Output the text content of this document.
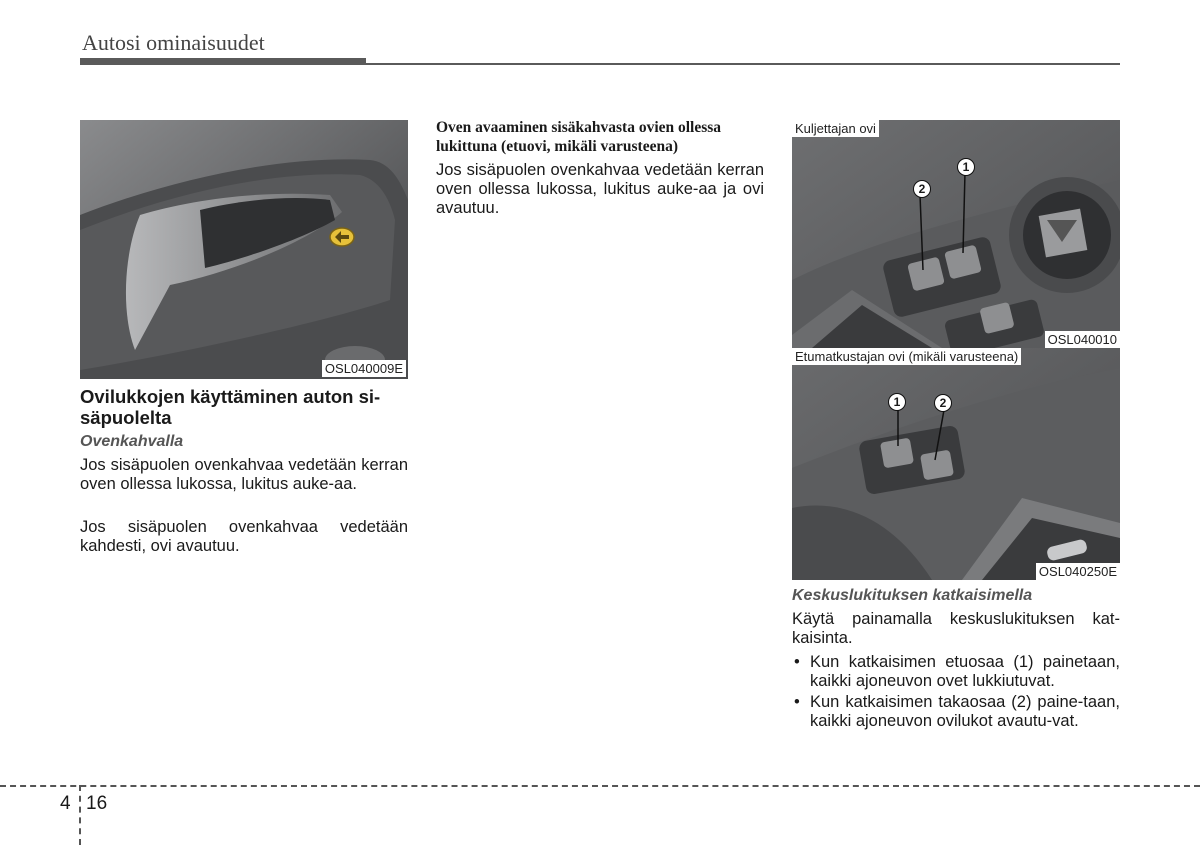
Autosi ominaisuudet
OSL040009E
Ovilukkojen käyttäminen auton si-säpuolelta
Ovenkahvalla
Jos sisäpuolen ovenkahvaa vedetään kerran oven ollessa lukossa, lukitus auke-aa.
Jos sisäpuolen ovenkahvaa vedetään kahdesti, ovi avautuu.
Oven avaaminen sisäkahvasta ovien ollessa lukittuna (etuovi, mikäli varusteena)
Jos sisäpuolen ovenkahvaa vedetään kerran oven ollessa lukossa, lukitus auke-aa ja ovi avautuu.
Kuljettajan ovi
2
1
OSL040010
Etumatkustajan ovi (mikäli varusteena)
1	2
OSL040250E
Keskuslukituksen katkaisimella
Käytä painamalla keskuslukituksen kat-kaisinta.
• Kun katkaisimen etuosaa (1) painetaan, kaikki ajoneuvon ovet lukkiutuvat.
• Kun katkaisimen takaosaa (2) paine-taan, kaikki ajoneuvon ovilukot avautu-vat.
4 16
